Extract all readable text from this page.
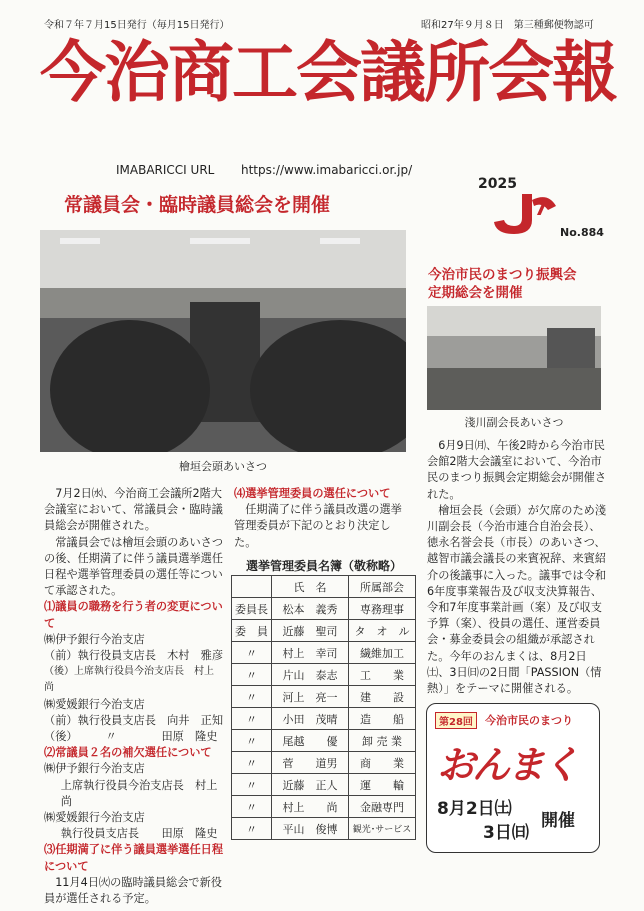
令和７年７月15日発行（毎月15日発行）	昭和27年９月８日　第三種郵便物認可
今治商工会議所会報
IMABARICCI URL https://www.imabaricci.or.jp/
2025
7
No.884
常議員会・臨時議員総会を開催
檜垣会頭あいさつ
今治市民のまつり振興会
定期総会を開催
淺川副会長あいさつ

6月9日㈪、午後2時から今治市民会館2階大会議室において、今治市民のまつり振興会定期総会が開催された。

檜垣会長（会頭）が欠席のため淺川副会長（今治市連合自治会長）、徳永名誉会長（市長）のあいさつ、越智市議会議長の来賓祝辞、来賓紹介の後議事に入った。議事では令和6年度事業報告及び収支決算報告、令和7年度事業計画（案）及び収支予算（案）、役員の選任、運営委員会・募金委員会の組織が承認された。今年のおんまくは、8月2日㈯、3日㈰の2日間「PASSION（情熱）」をテーマに開催される。

7月2日㈬、今治商工会議所2階大会議室において、常議員会・臨時議員総会が開催された。

常議員会では檜垣会頭のあいさつの後、任期満了に伴う議員選挙選任日程や選挙管理委員の選任等について承認された。

⑴議員の職務を行う者の変更について

㈱伊予銀行今治支店

（前）執行役員支店長　木村　雅彦

（後）上席執行役員今治支店長　村上　尚

㈱愛媛銀行今治支店

（前）執行役員支店長　向井　正知

（後）　　　〃　　　　田原　隆史

⑵常議員２名の補欠選任について

㈱伊予銀行今治支店

上席執行役員今治支店長　村上　尚

㈱愛媛銀行今治支店

執行役員支店長　　田原　隆史

⑶任期満了に伴う議員選挙選任日程について

11月4日㈫の臨時議員総会で新役員が選任される予定。

⑷選挙管理委員の選任について

任期満了に伴う議員改選の選挙管理委員が下記のとおり決定した。

選挙管理委員名簿（敬称略）
	氏　名	所属部会
委員長	松本　義秀	専務理事
委　員	近藤　聖司	タ　オ　ル
〃	村上　幸司	繊維加工
〃	片山　泰志	工　　業
〃	河上　亮一	建　　設
〃	小田　茂晴	造　　船
〃	尾越　　優	卸 売 業
〃	菅　　道男	商　　業
〃	近藤　正人	運　　輸
〃	村上　　尚	金融専門
〃	平山　俊博	観光･サービス
第28回	今治市民のまつり
おんまく
8月2日㈯
3日㈰
開催
